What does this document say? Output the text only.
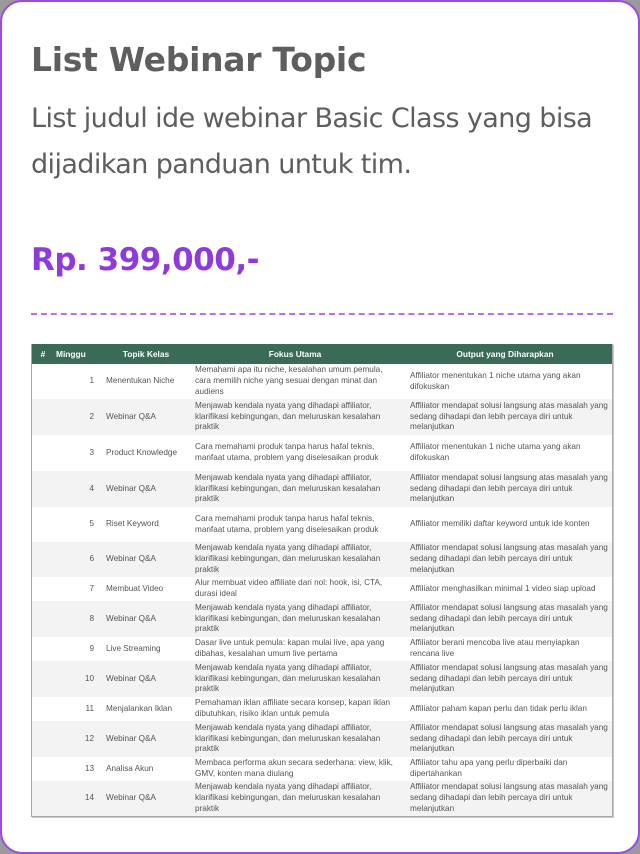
List Webinar Topic
List judul ide webinar Basic Class yang bisa dijadikan panduan untuk tim.
Rp. 399,000,-
#	Minggu	Topik Kelas	Fokus Utama	Output yang Diharapkan
	1	Menentukan Niche	Memahami apa itu niche, kesalahan umum pemula, cara memilih niche yang sesuai dengan minat dan audiens	Affiliator menentukan 1 niche utama yang akan difokuskan
	2	Webinar Q&A	Menjawab kendala nyata yang dihadapi affiliator, klarifikasi kebingungan, dan meluruskan kesalahan praktik	Affiliator mendapat solusi langsung atas masalah yang sedang dihadapi dan lebih percaya diri untuk melanjutkan
	3	Product Knowledge	Cara memahami produk tanpa harus hafal teknis, manfaat utama, problem yang diselesaikan produk	Affiliator menentukan 1 niche utama yang akan difokuskan
	4	Webinar Q&A	Menjawab kendala nyata yang dihadapi affiliator, klarifikasi kebingungan, dan meluruskan kesalahan praktik	Affiliator mendapat solusi langsung atas masalah yang sedang dihadapi dan lebih percaya diri untuk melanjutkan
	5	Riset Keyword	Cara memahami produk tanpa harus hafal teknis, manfaat utama, problem yang diselesaikan produk	Affiliator memiliki daftar keyword untuk ide konten
	6	Webinar Q&A	Menjawab kendala nyata yang dihadapi affiliator, klarifikasi kebingungan, dan meluruskan kesalahan praktik	Affiliator mendapat solusi langsung atas masalah yang sedang dihadapi dan lebih percaya diri untuk melanjutkan
	7	Membuat Video	Alur membuat video affiliate dari nol: hook, isi, CTA, durasi ideal	Affiliator menghasilkan minimal 1 video siap upload
	8	Webinar Q&A	Menjawab kendala nyata yang dihadapi affiliator, klarifikasi kebingungan, dan meluruskan kesalahan praktik	Affiliator mendapat solusi langsung atas masalah yang sedang dihadapi dan lebih percaya diri untuk melanjutkan
	9	Live Streaming	Dasar live untuk pemula: kapan mulai live, apa yang dibahas, kesalahan umum live pertama	Affiliator berani mencoba live atau menyiapkan rencana live
	10	Webinar Q&A	Menjawab kendala nyata yang dihadapi affiliator, klarifikasi kebingungan, dan meluruskan kesalahan praktik	Affiliator mendapat solusi langsung atas masalah yang sedang dihadapi dan lebih percaya diri untuk melanjutkan
	11	Menjalankan Iklan	Pemahaman iklan affiliate secara konsep, kapan iklan dibutuhkan, risiko iklan untuk pemula	Affiliator paham kapan perlu dan tidak perlu iklan
	12	Webinar Q&A	Menjawab kendala nyata yang dihadapi affiliator, klarifikasi kebingungan, dan meluruskan kesalahan praktik	Affiliator mendapat solusi langsung atas masalah yang sedang dihadapi dan lebih percaya diri untuk melanjutkan
	13	Analisa Akun	Membaca performa akun secara sederhana: view, klik, GMV, konten mana diulang	Affiliator tahu apa yang perlu diperbaiki dan dipertahankan
	14	Webinar Q&A	Menjawab kendala nyata yang dihadapi affiliator, klarifikasi kebingungan, dan meluruskan kesalahan praktik	Affiliator mendapat solusi langsung atas masalah yang sedang dihadapi dan lebih percaya diri untuk melanjutkan
